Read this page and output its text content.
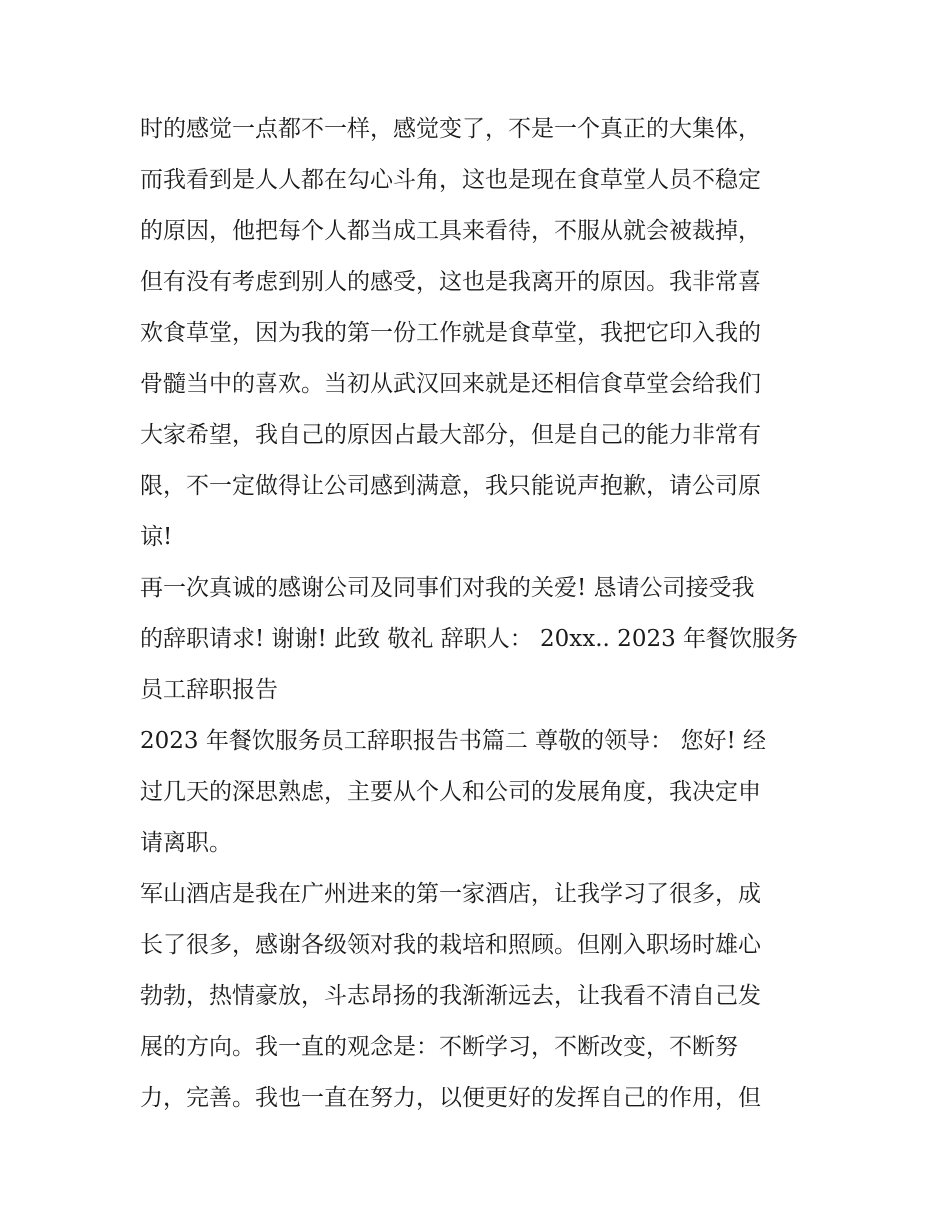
时的感觉一点都不一样，感觉变了，不是一个真正的大集体，
而我看到是人人都在勾心斗角，这也是现在食草堂人员不稳定
的原因，他把每个人都当成工具来看待，不服从就会被裁掉，
但有没有考虑到别人的感受，这也是我离开的原因。我非常喜
欢食草堂，因为我的第一份工作就是食草堂，我把它印入我的
骨髓当中的喜欢。当初从武汉回来就是还相信食草堂会给我们
大家希望，我自己的原因占最大部分，但是自己的能力非常有
限，不一定做得让公司感到满意，我只能说声抱歉，请公司原
谅!
再一次真诚的感谢公司及同事们对我的关爱! 恳请公司接受我
的辞职请求! 谢谢! 此致 敬礼 辞职人： 20xx.. 2023 年餐饮服务
员工辞职报告
2023 年餐饮服务员工辞职报告书篇二 尊敬的领导： 您好! 经
过几天的深思熟虑，主要从个人和公司的发展角度，我决定申
请离职。
军山酒店是我在广州进来的第一家酒店，让我学习了很多，成
长了很多，感谢各级领对我的栽培和照顾。但刚入职场时雄心
勃勃，热情豪放，斗志昂扬的我渐渐远去，让我看不清自己发
展的方向。我一直的观念是：不断学习，不断改变，不断努
力，完善。我也一直在努力，以便更好的发挥自己的作用，但
